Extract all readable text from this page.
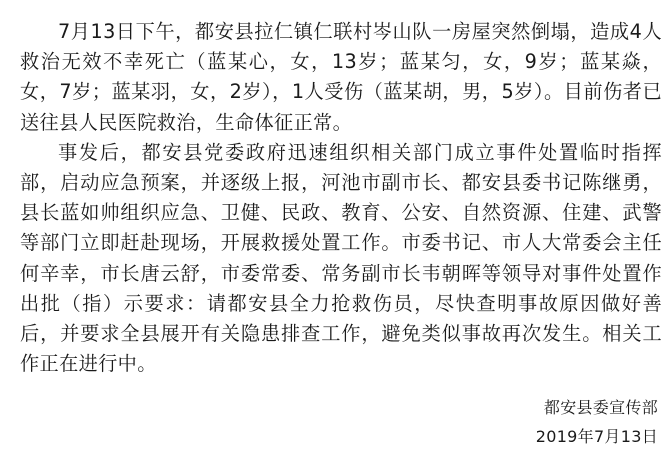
7月13日下午，都安县拉仁镇仁联村岑山队一房屋突然倒塌，造成4人救治无效不幸死亡（蓝某心，女，13岁；蓝某匀，女，9岁；蓝某焱，女，7岁；蓝某羽，女，2岁），1人受伤（蓝某胡，男，5岁）。目前伤者已送往县人民医院救治，生命体征正常。

事发后，都安县党委政府迅速组织相关部门成立事件处置临时指挥部，启动应急预案，并逐级上报，河池市副市长、都安县委书记陈继勇，县长蓝如帅组织应急、卫健、民政、教育、公安、自然资源、住建、武警等部门立即赶赴现场，开展救援处置工作。市委书记、市人大常委会主任何辛幸，市长唐云舒，市委常委、常务副市长韦朝晖等领导对事件处置作出批（指）示要求：请都安县全力抢救伤员，尽快查明事故原因做好善后，并要求全县展开有关隐患排查工作，避免类似事故再次发生。相关工作正在进行中。

都安县委宣传部
2019年7月13日
